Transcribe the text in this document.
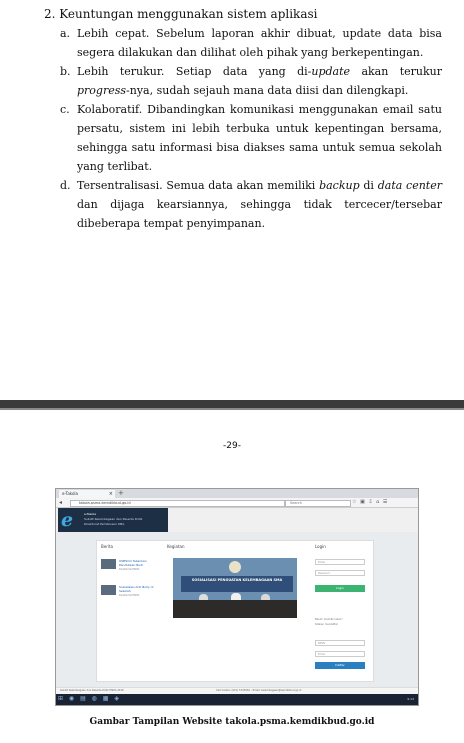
2. Keuntungan menggunakan sistem aplikasi

a. Lebih cepat. Sebelum laporan akhir dibuat, update data bisa segera dilakukan dan dilihat oleh pihak yang berkepentingan.

b. Lebih terukur. Setiap data yang di-update akan terukur progress-nya, sudah sejauh mana data diisi dan dilengkapi.

c. Kolaboratif. Dibandingkan komunikasi menggunakan email satu persatu, sistem ini lebih terbuka untuk kepentingan bersama, sehingga satu informasi bisa diakses sama untuk semua sekolah yang terlibat.

d. Tersentralisasi. Semua data akan memiliki backup di data center dan dijaga kearsiannya, sehingga tidak tercecer/tersebar dibeberapa tempat penyimpanan.

-29-
e-Takola	× +
◂	takola.psma.kemdikbud.go.id	Search	☆ ▣ ⇩ ⌂ ☰
e	e-Takola
Subdit Kelembagaan dan Peserta Didik
Direktorat Pembinaan SMA
Berita
UNESCO Tekankan Pendidikan Budi
Direktorat PSMA
Sosialisasi Anti Bully di Sekolah
Direktorat PSMA
Kegiatan
SOSIALISASI PENGUATAN KELEMBAGAAN SMA
Login
Email
Password
Login
Belum memiliki akun?
Silakan mendaftar
NPSN
Email
Daftar
Subdit Kelembagaan dan Peserta Didik PSMA 2016	Call Center: (021) 5725061 - Email: kelembagaan@kemdikbud.go.id
⊞ ◉ ▤ ◍ ▦ ◈	9:13
Gambar Tampilan Website takola.psma.kemdikbud.go.id
